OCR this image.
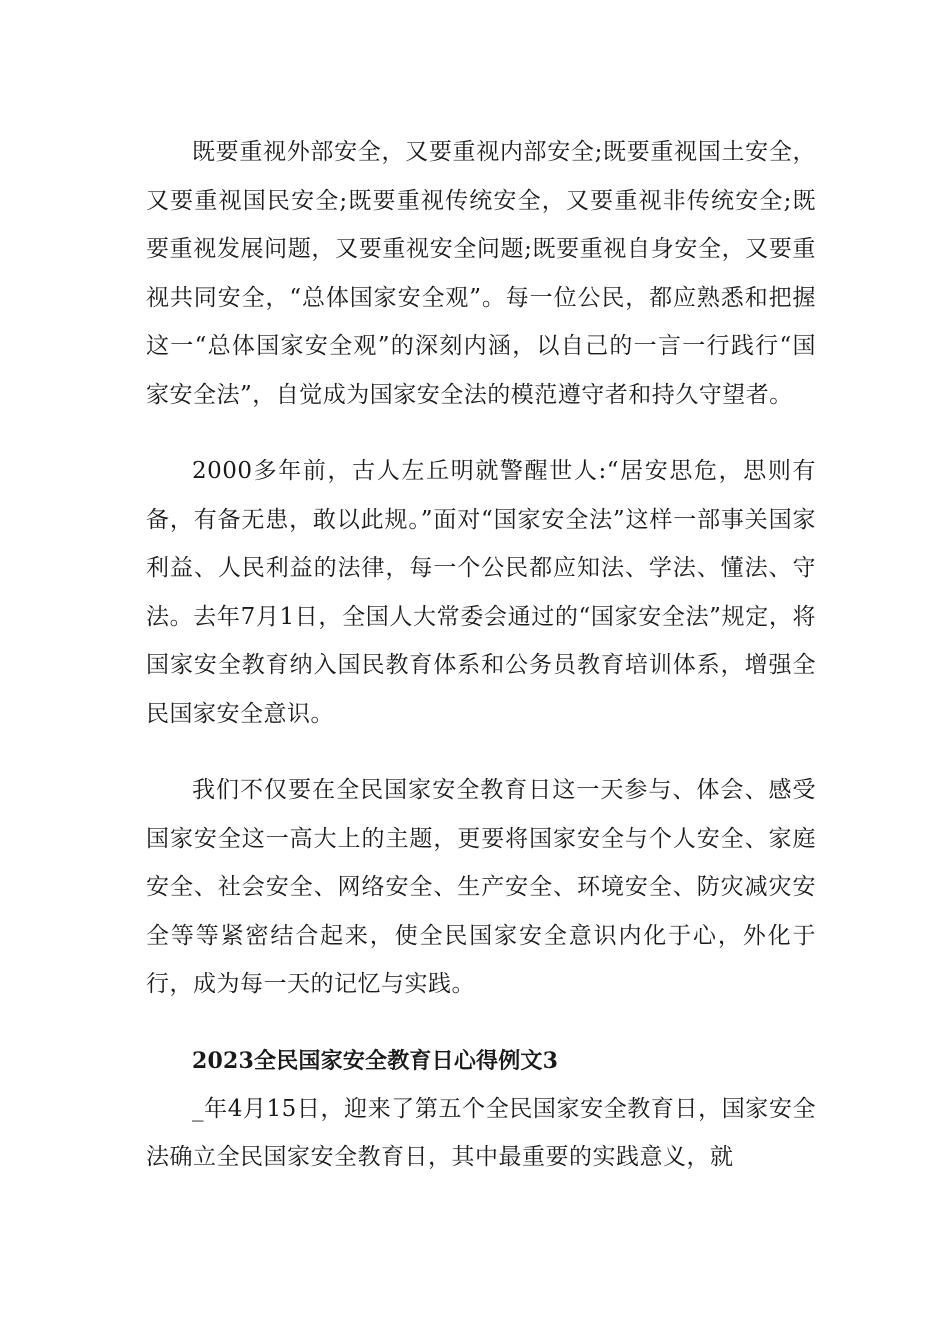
既要重视外部安全，又要重视内部安全;既要重视国土安全，又要重视国民安全;既要重视传统安全，又要重视非传统安全;既要重视发展问题，又要重视安全问题;既要重视自身安全，又要重视共同安全，“总体国家安全观”。每一位公民，都应熟悉和把握这一“总体国家安全观”的深刻内涵，以自己的一言一行践行“国家安全法”，自觉成为国家安全法的模范遵守者和持久守望者。

2000多年前，古人左丘明就警醒世人:“居安思危，思则有备，有备无患，敢以此规。”面对“国家安全法”这样一部事关国家利益、人民利益的法律，每一个公民都应知法、学法、懂法、守法。去年7月1日，全国人大常委会通过的“国家安全法”规定，将国家安全教育纳入国民教育体系和公务员教育培训体系，增强全民国家安全意识。

我们不仅要在全民国家安全教育日这一天参与、体会、感受国家安全这一高大上的主题，更要将国家安全与个人安全、家庭安全、社会安全、网络安全、生产安全、环境安全、防灾减灾安全等等紧密结合起来，使全民国家安全意识内化于心，外化于行，成为每一天的记忆与实践。

2023全民国家安全教育日心得例文3

_年4月15日，迎来了第五个全民国家安全教育日，国家安全法确立全民国家安全教育日，其中最重要的实践意义，就
